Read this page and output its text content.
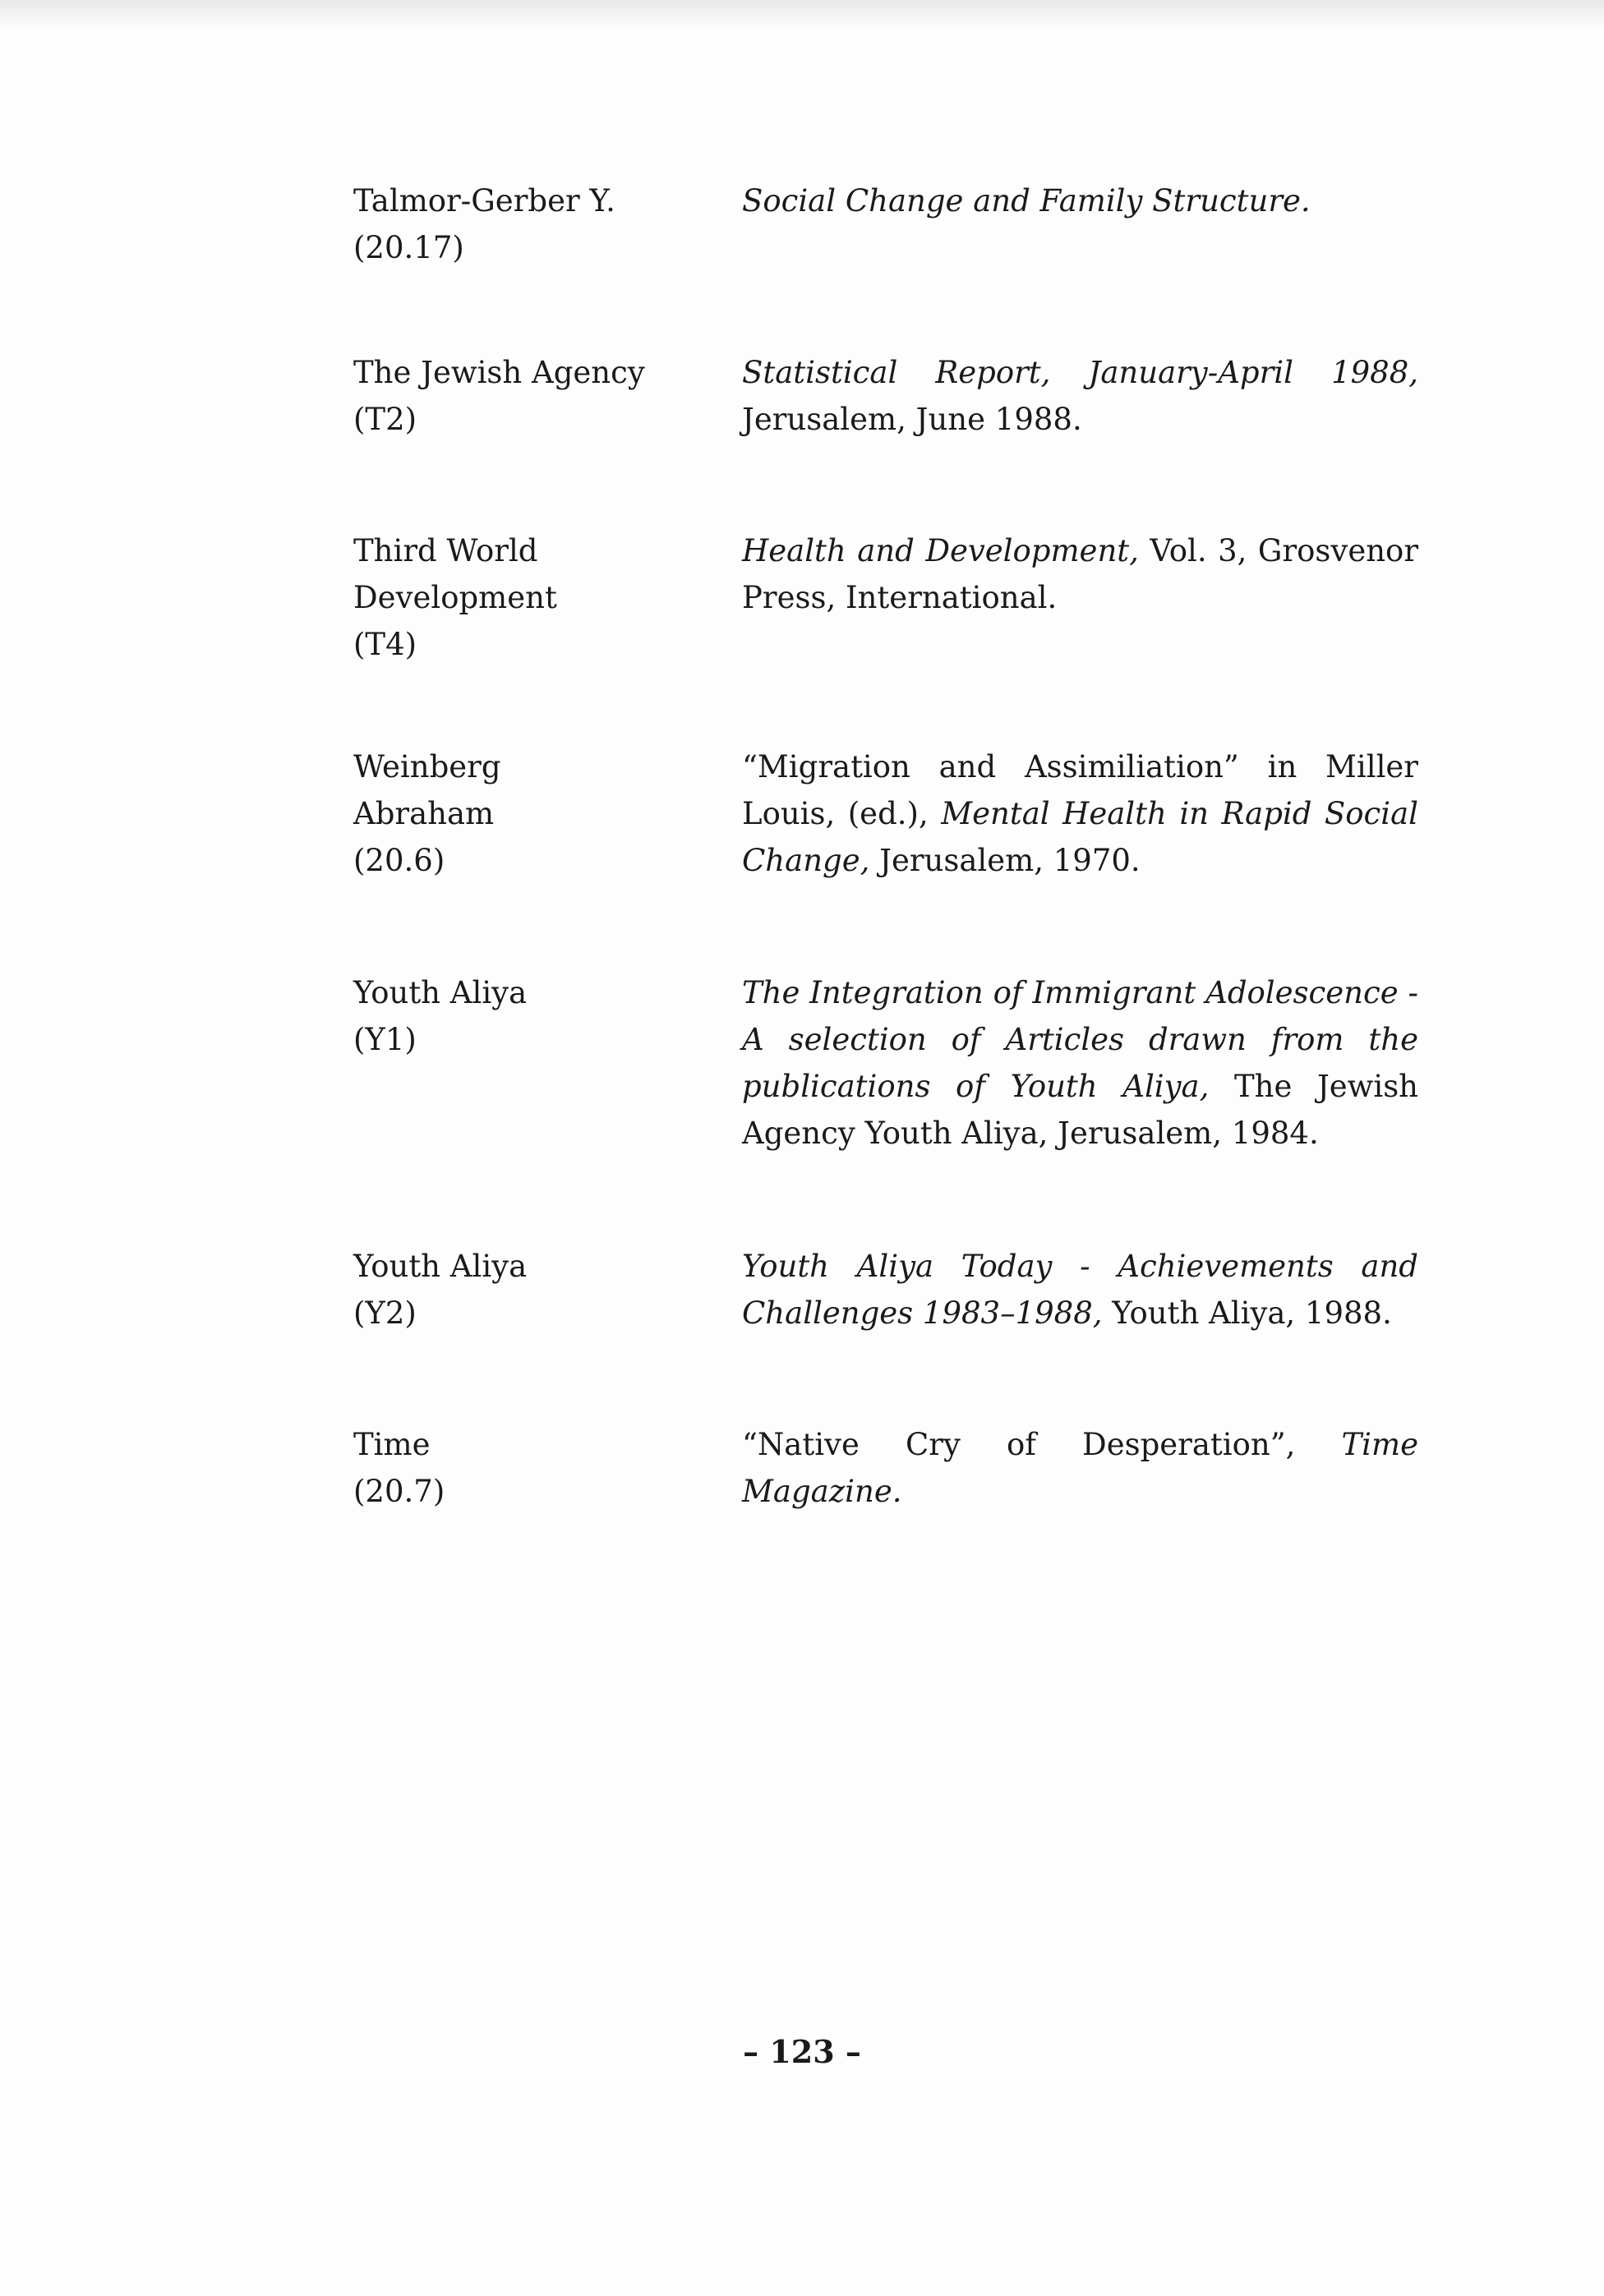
Talmor-Gerber Y.
(20.17)
Social Change and Family Structure.
The Jewish Agency
(T2)
Statistical Report, January-April 1988,
Jerusalem, June 1988.
Third World
Development
(T4)
Health and Development, Vol. 3, Grosvenor Press, International.
Weinberg Abraham
(20.6)
“Migration and Assimiliation” in Miller Louis, (ed.), Mental Health in Rapid Social Change, Jerusalem, 1970.
Youth Aliya
(Y1)
The Integration of Immigrant Adolescence - A selection of Articles drawn from the publications of Youth Aliya, The Jewish Agency Youth Aliya, Jerusalem, 1984.
Youth Aliya
(Y2)
Youth Aliya Today - Achievements and Challenges 1983–1988, Youth Aliya, 1988.
Time
(20.7)
“Native Cry of Desperation”, Time Magazine.
– 123 –
